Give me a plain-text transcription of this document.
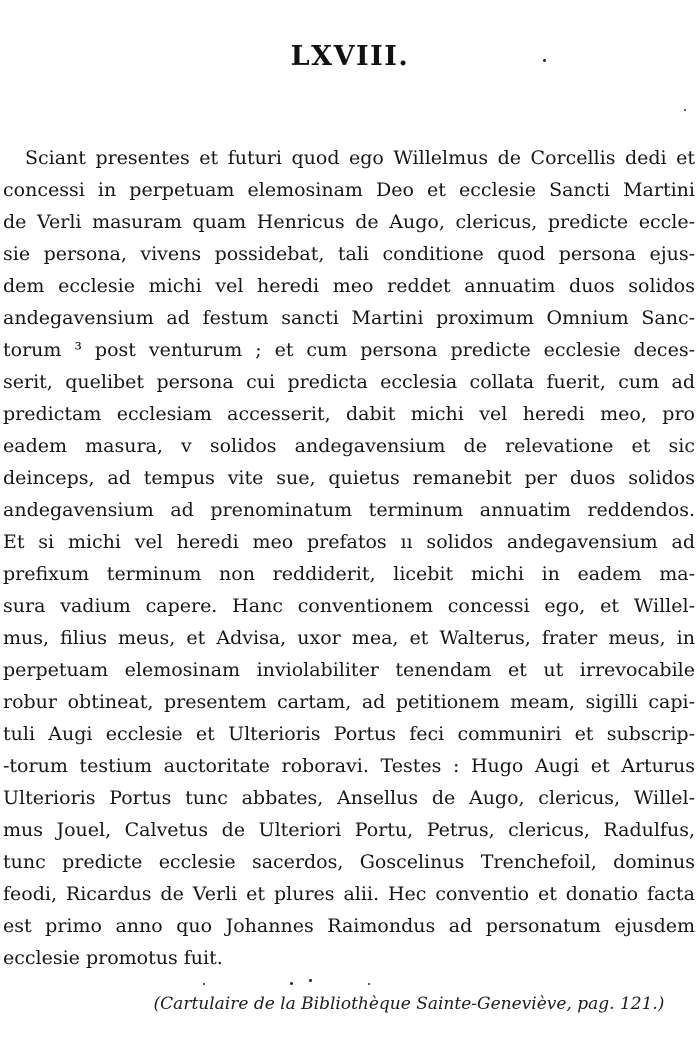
LXVIII.
Sciant presentes et futuri quod ego Willelmus de Corcellis dedi et
concessi in perpetuam elemosinam Deo et ecclesie Sancti Martini
de Verli masuram quam Henricus de Augo, clericus, predicte eccle-
sie persona, vivens possidebat, tali conditione quod persona ejus-
dem ecclesie michi vel heredi meo reddet annuatim duos solidos
andegavensium ad festum sancti Martini proximum Omnium Sanc-
torum ³ post venturum ; et cum persona predicte ecclesie deces-
serit, quelibet persona cui predicta ecclesia collata fuerit, cum ad
predictam ecclesiam accesserit, dabit michi vel heredi meo, pro
eadem masura, v solidos andegavensium de relevatione et sic
deinceps, ad tempus vite sue, quietus remanebit per duos solidos
andegavensium ad prenominatum terminum annuatim reddendos.
Et si michi vel heredi meo prefatos ıı solidos andegavensium ad
prefixum terminum non reddiderit, licebit michi in eadem ma-
sura vadium capere. Hanc conventionem concessi ego, et Willel-
mus, filius meus, et Advisa, uxor mea, et Walterus, frater meus, in
perpetuam elemosinam inviolabiliter tenendam et ut irrevocabile
robur obtineat, presentem cartam, ad petitionem meam, sigilli capi-
tuli Augi ecclesie et Ulterioris Portus feci communiri et subscrip-
-torum testium auctoritate roboravi. Testes : Hugo Augi et Arturus
Ulterioris Portus tunc abbates, Ansellus de Augo, clericus, Willel-
mus Jouel, Calvetus de Ulteriori Portu, Petrus, clericus, Radulfus,
tunc predicte ecclesie sacerdos, Goscelinus Trenchefoil, dominus
feodi, Ricardus de Verli et plures alii. Hec conventio et donatio facta
est primo anno quo Johannes Raimondus ad personatum ejusdem
ecclesie promotus fuit.
(Cartulaire de la Bibliothèque Sainte-Geneviève, pag. 121.)
